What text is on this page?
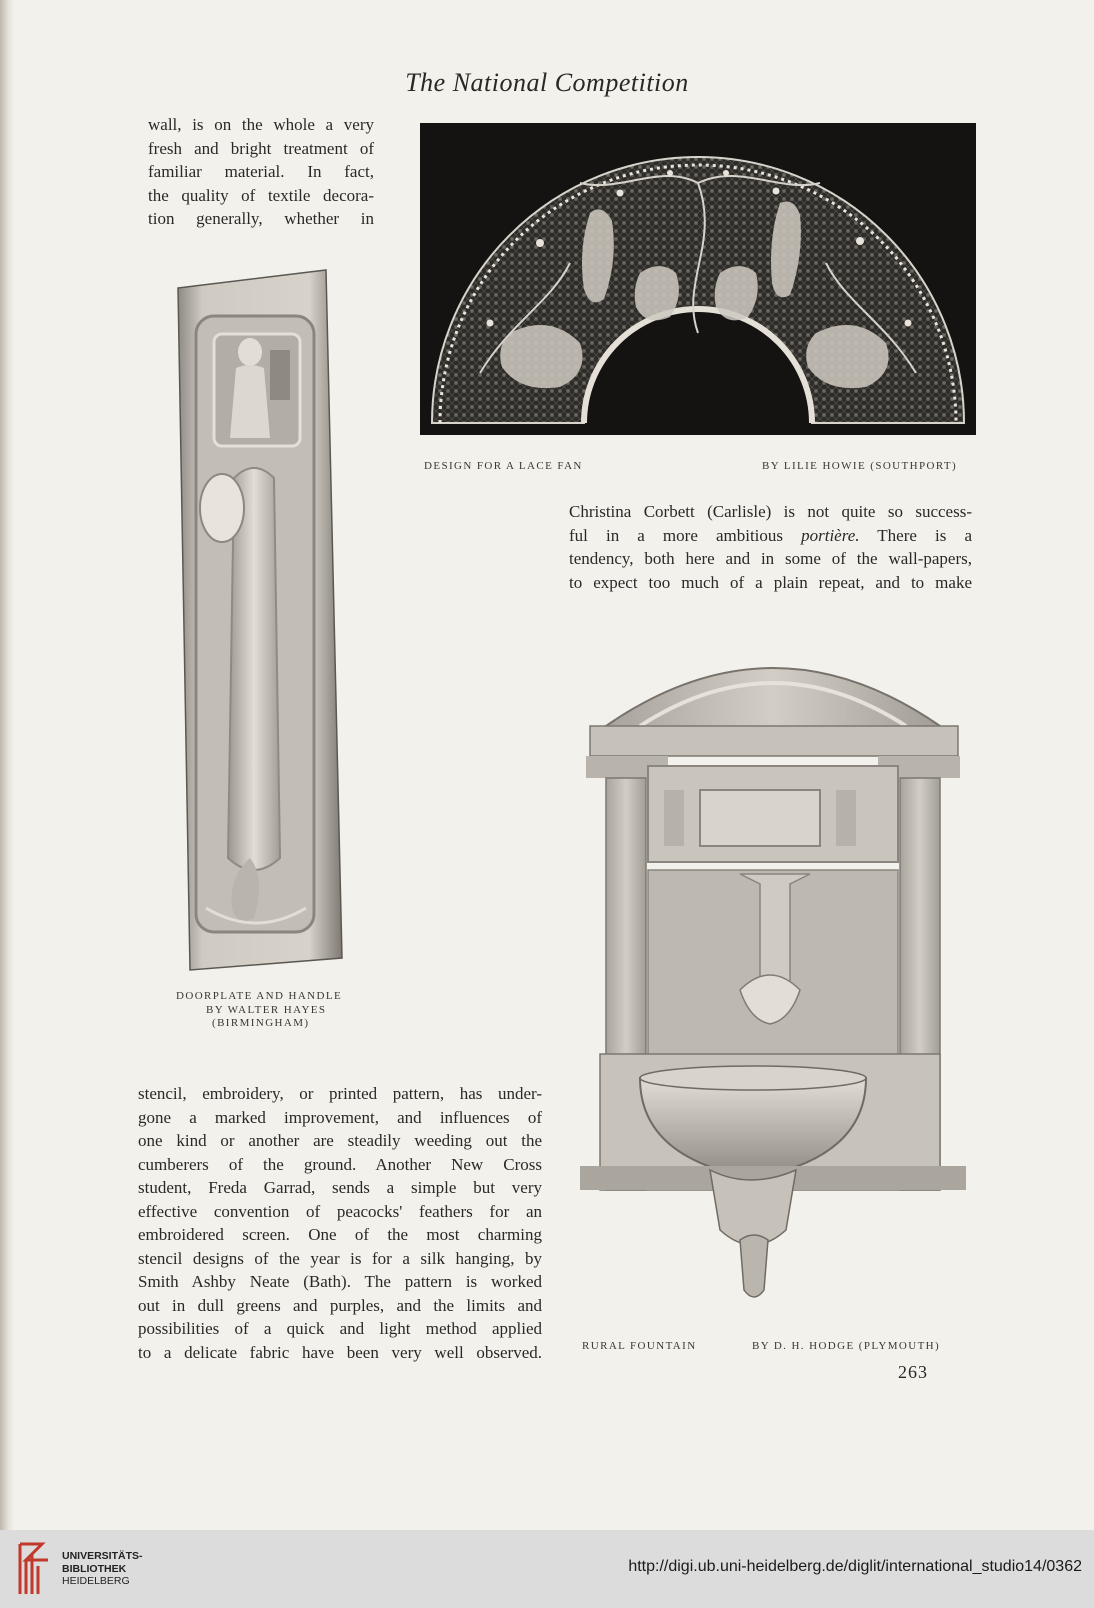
The National Competition
wall, is on the whole a very
fresh and bright treatment of
familiar material. In fact,
the quality of textile decora-
tion generally, whether in
DESIGN FOR A LACE FAN	BY LILIE HOWIE (SOUTHPORT)
Christina Corbett (Carlisle) is not quite so success-
ful in a more ambitious portière. There is a
tendency, both here and in some of the wall-papers,
to expect too much of a plain repeat, and to make
DOORPLATE AND HANDLE
BY WALTER HAYES
(BIRMINGHAM)
stencil, embroidery, or printed pattern, has under-
gone a marked improvement, and influences of
one kind or another are steadily weeding out the
cumberers of the ground. Another New Cross
student, Freda Garrad, sends a simple but very
effective convention of peacocks' feathers for an
embroidered screen. One of the most charming
stencil designs of the year is for a silk hanging, by
Smith Ashby Neate (Bath). The pattern is worked
out in dull greens and purples, and the limits and
possibilities of a quick and light method applied
to a delicate fabric have been very well observed.	RURAL FOUNTAIN	BY D. H. HODGE (PLYMOUTH)
263
UNIVERSITÄTS-
BIBLIOTHEK
HEIDELBERG
http://digi.ub.uni-heidelberg.de/diglit/international_studio14/0362
